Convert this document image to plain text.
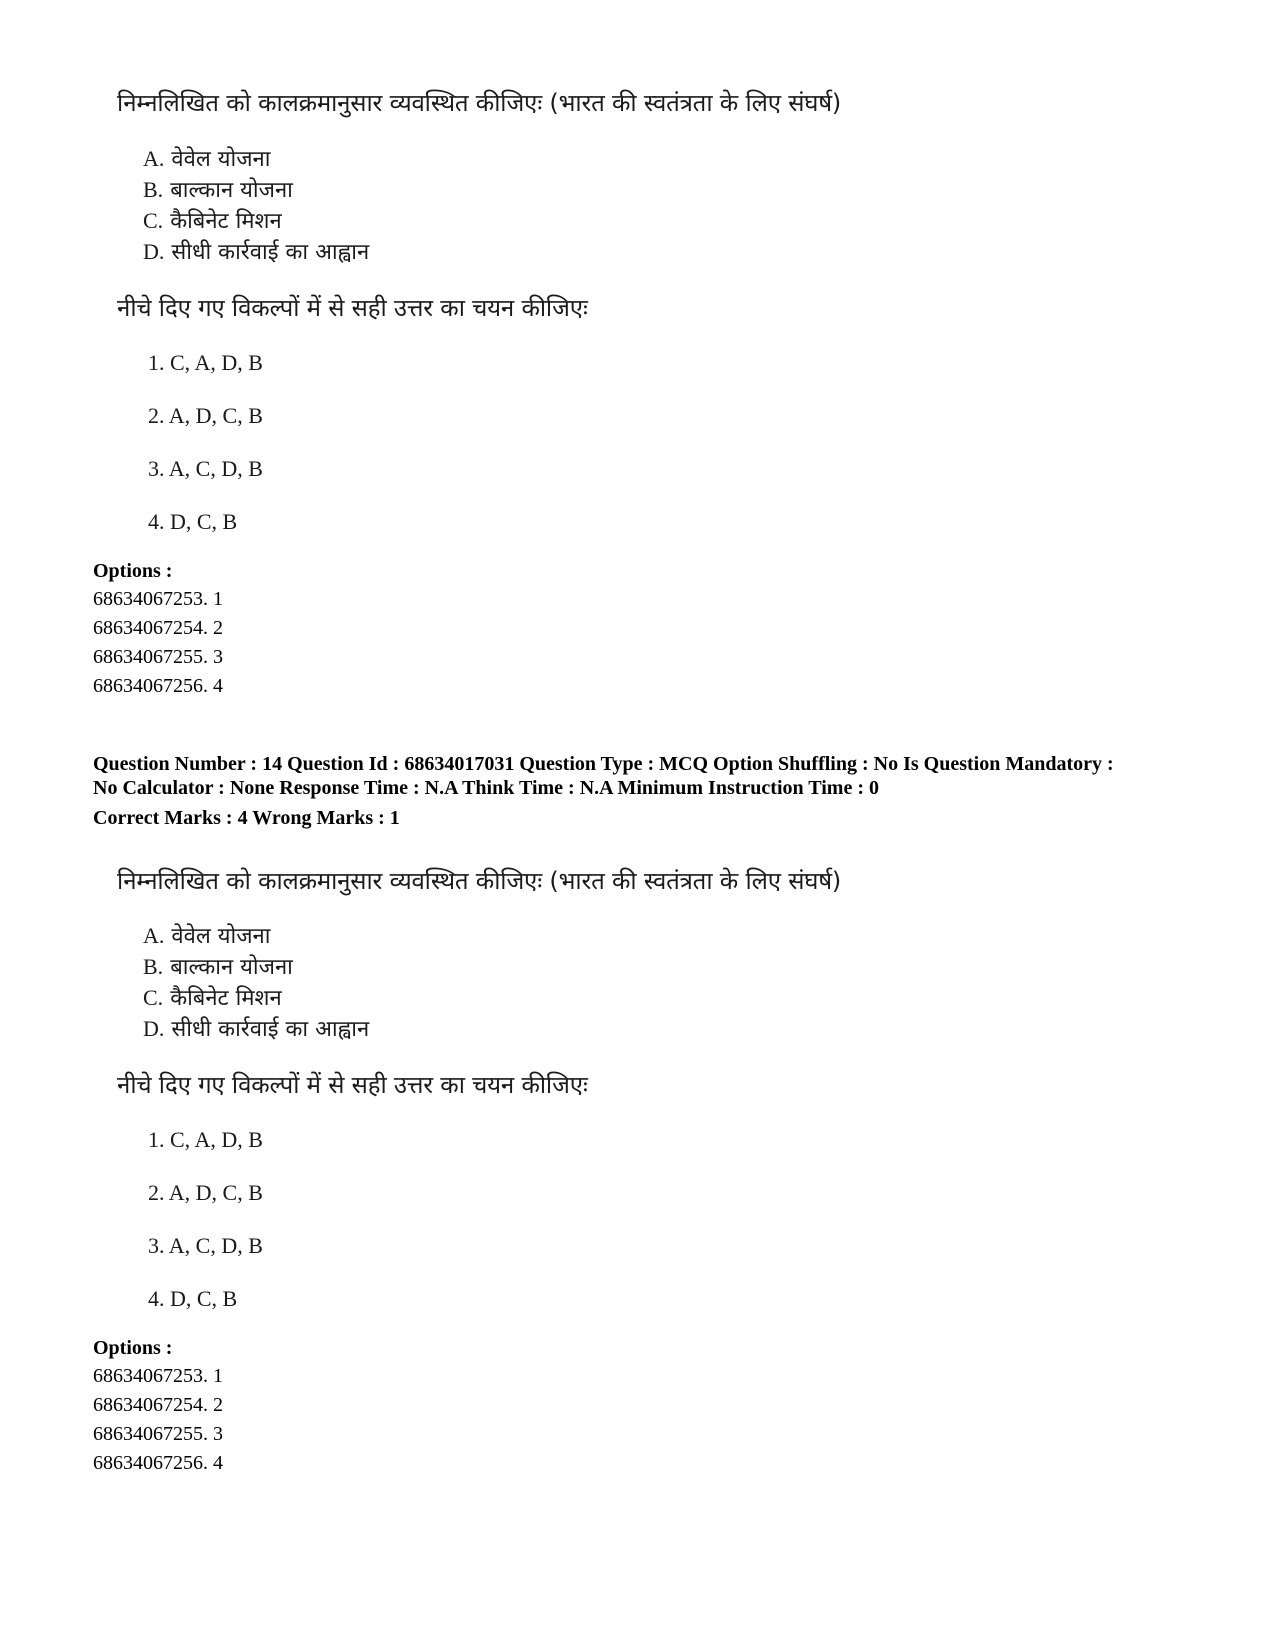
निम्नलिखित को कालक्रमानुसार व्यवस्थित कीजिएः (भारत की स्वतंत्रता के लिए संघर्ष)
A. वेवेल योजना
B. बाल्कान योजना
C. कैबिनेट मिशन
D. सीधी कार्रवाई का आह्वान
नीचे दिए गए विकल्पों में से सही उत्तर का चयन कीजिएः
1. C, A, D, B
2. A, D, C, B
3. A, C, D, B
4. D, C, B
Options :
68634067253. 1
68634067254. 2
68634067255. 3
68634067256. 4
Question Number : 14 Question Id : 68634017031 Question Type : MCQ Option Shuffling : No Is Question Mandatory :
No Calculator : None Response Time : N.A Think Time : N.A Minimum Instruction Time : 0
Correct Marks : 4 Wrong Marks : 1
निम्नलिखित को कालक्रमानुसार व्यवस्थित कीजिएः (भारत की स्वतंत्रता के लिए संघर्ष)
A. वेवेल योजना
B. बाल्कान योजना
C. कैबिनेट मिशन
D. सीधी कार्रवाई का आह्वान
नीचे दिए गए विकल्पों में से सही उत्तर का चयन कीजिएः
1. C, A, D, B
2. A, D, C, B
3. A, C, D, B
4. D, C, B
Options :
68634067253. 1
68634067254. 2
68634067255. 3
68634067256. 4
